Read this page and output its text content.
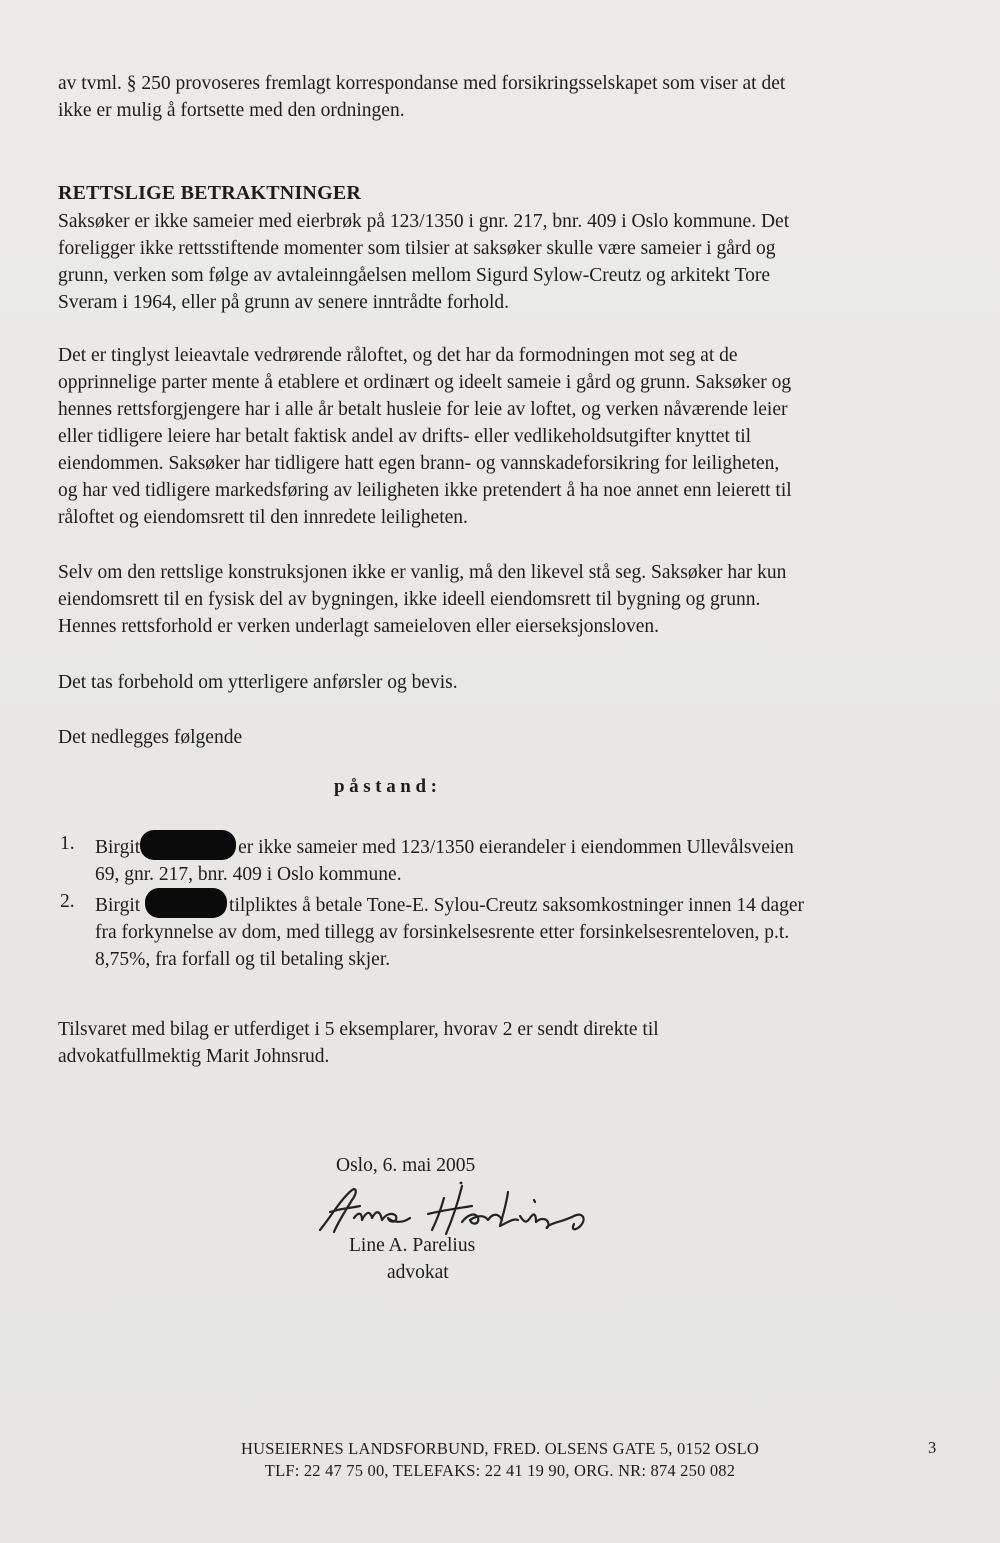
av tvml. § 250 provoseres fremlagt korrespondanse med forsikringsselskapet som viser at det
ikke er mulig å fortsette med den ordningen.
RETTSLIGE BETRAKTNINGER
Saksøker er ikke sameier med eierbrøk på 123/1350 i gnr. 217, bnr. 409 i Oslo kommune. Det
foreligger ikke rettsstiftende momenter som tilsier at saksøker skulle være sameier i gård og
grunn, verken som følge av avtaleinngåelsen mellom Sigurd Sylow-Creutz og arkitekt Tore
Sveram i 1964, eller på grunn av senere inntrådte forhold.
Det er tinglyst leieavtale vedrørende råloftet, og det har da formodningen mot seg at de
opprinnelige parter mente å etablere et ordinært og ideelt sameie i gård og grunn. Saksøker og
hennes rettsforgjengere har i alle år betalt husleie for leie av loftet, og verken nåværende leier
eller tidligere leiere har betalt faktisk andel av drifts- eller vedlikeholdsutgifter knyttet til
eiendommen. Saksøker har tidligere hatt egen brann- og vannskadeforsikring for leiligheten,
og har ved tidligere markedsføring av leiligheten ikke pretendert å ha noe annet enn leierett til
råloftet og eiendomsrett til den innredete leiligheten.
Selv om den rettslige konstruksjonen ikke er vanlig, må den likevel stå seg. Saksøker har kun
eiendomsrett til en fysisk del av bygningen, ikke ideell eiendomsrett til bygning og grunn.
Hennes rettsforhold er verken underlagt sameieloven eller eierseksjonsloven.
Det tas forbehold om ytterligere anførsler og bevis.
Det nedlegges følgende
påstand:
1. Birgit	er ikke sameier med 123/1350 eierandeler i eiendommen Ullevålsveien
69, gnr. 217, bnr. 409 i Oslo kommune.
2. Birgit	tilpliktes å betale Tone-E. Sylou-Creutz saksomkostninger innen 14 dager
fra forkynnelse av dom, med tillegg av forsinkelsesrente etter forsinkelsesrenteloven, p.t.
8,75%, fra forfall og til betaling skjer.
Tilsvaret med bilag er utferdiget i 5 eksemplarer, hvorav 2 er sendt direkte til
advokatfullmektig Marit Johnsrud.
Oslo, 6. mai 2005
Line A. Parelius
advokat
HUSEIERNES LANDSFORBUND, FRED. OLSENS GATE 5, 0152 OSLO
TLF: 22 47 75 00, TELEFAKS: 22 41 19 90, ORG. NR: 874 250 082
3
